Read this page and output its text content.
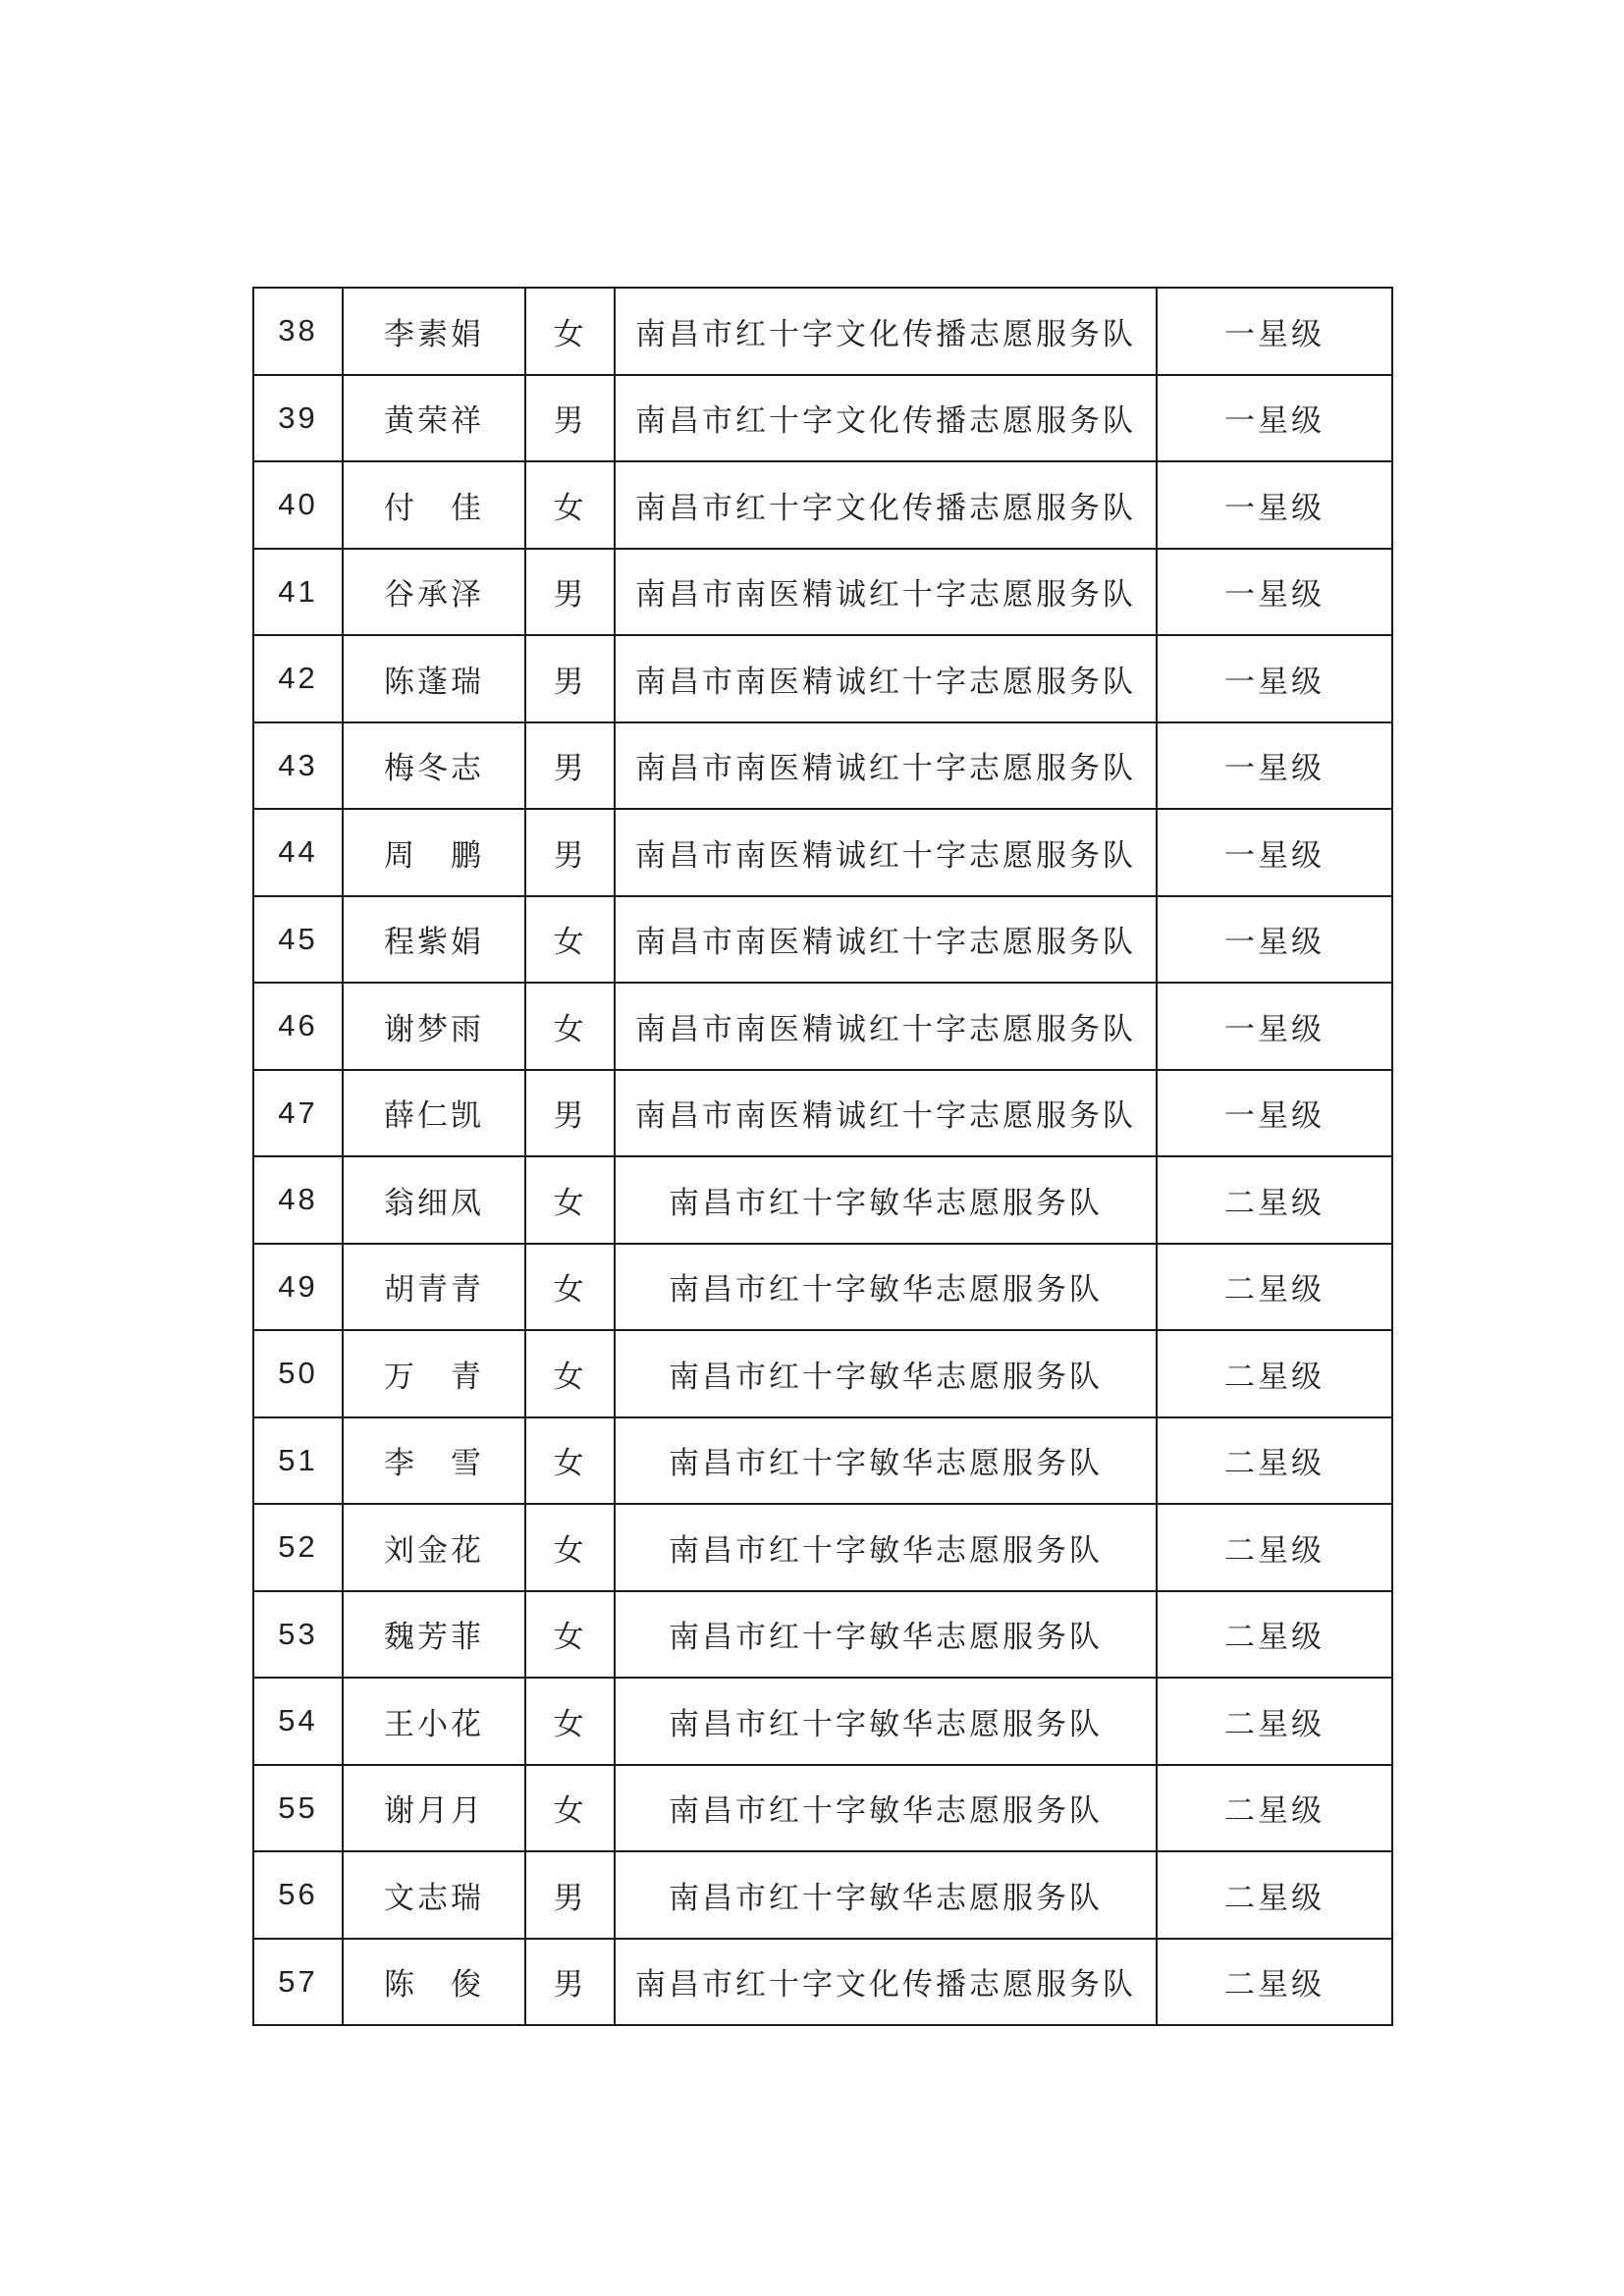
38	李素娟	女	南昌市红十字文化传播志愿服务队	一星级
39	黄荣祥	男	南昌市红十字文化传播志愿服务队	一星级
40	付　佳	女	南昌市红十字文化传播志愿服务队	一星级
41	谷承泽	男	南昌市南医精诚红十字志愿服务队	一星级
42	陈蓬瑞	男	南昌市南医精诚红十字志愿服务队	一星级
43	梅冬志	男	南昌市南医精诚红十字志愿服务队	一星级
44	周　鹏	男	南昌市南医精诚红十字志愿服务队	一星级
45	程紫娟	女	南昌市南医精诚红十字志愿服务队	一星级
46	谢梦雨	女	南昌市南医精诚红十字志愿服务队	一星级
47	薛仁凯	男	南昌市南医精诚红十字志愿服务队	一星级
48	翁细凤	女	南昌市红十字敏华志愿服务队	二星级
49	胡青青	女	南昌市红十字敏华志愿服务队	二星级
50	万　青	女	南昌市红十字敏华志愿服务队	二星级
51	李　雪	女	南昌市红十字敏华志愿服务队	二星级
52	刘金花	女	南昌市红十字敏华志愿服务队	二星级
53	魏芳菲	女	南昌市红十字敏华志愿服务队	二星级
54	王小花	女	南昌市红十字敏华志愿服务队	二星级
55	谢月月	女	南昌市红十字敏华志愿服务队	二星级
56	文志瑞	男	南昌市红十字敏华志愿服务队	二星级
57	陈　俊	男	南昌市红十字文化传播志愿服务队	二星级
